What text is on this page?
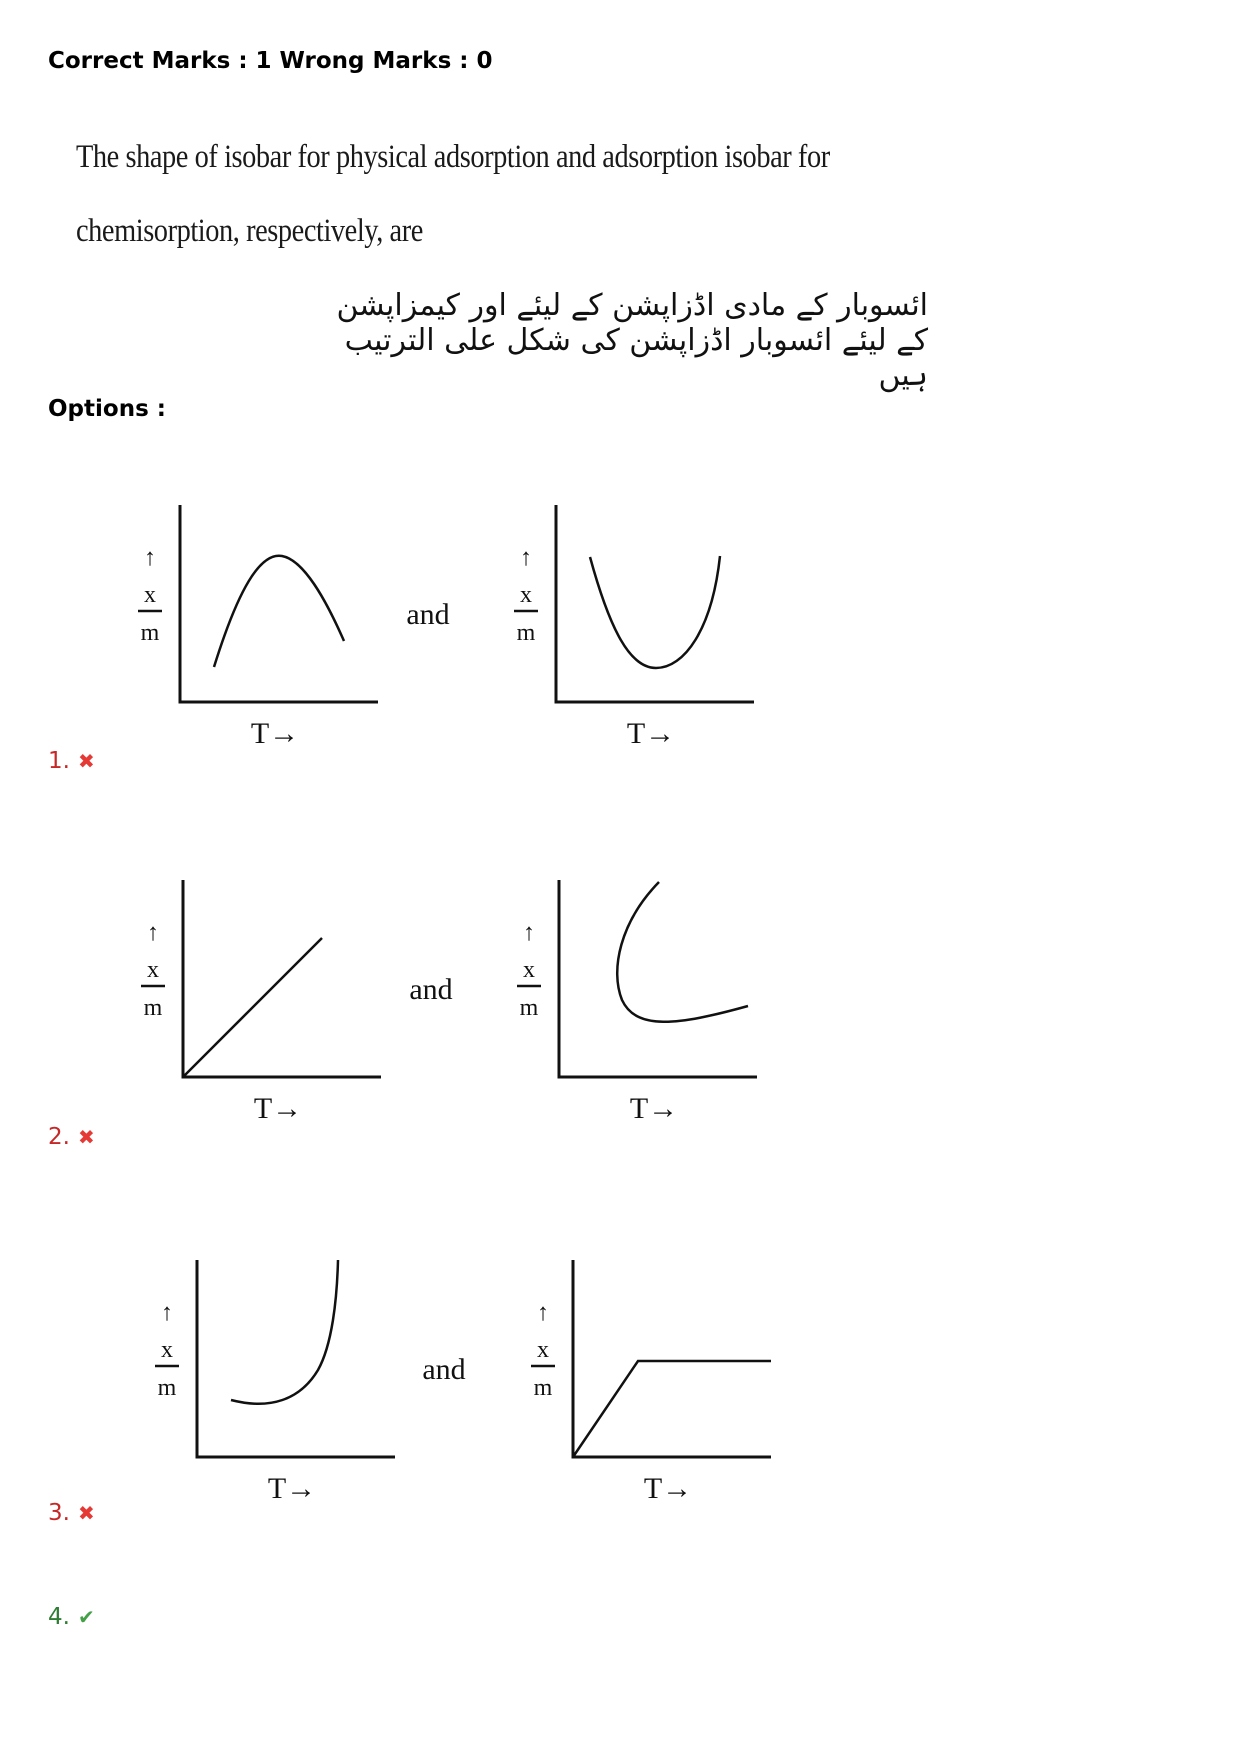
Correct Marks : 1 Wrong Marks : 0
The shape of isobar for physical adsorption and adsorption isobar for chemisorption, respectively, are
ائسوبار کے مادی اڈزاپشن کے لیئے اور کیمزاپشن کے لیئے ائسوبار اڈزاپشن کی شکل علی الترتیب ہیں
Options :
↑
x
m
T→
and
↑
x
m
T→
↑
x
m
T→
and
↑
x
m
T→
↑
x
m
T→
and
↑
x
m
T→
1. ✖
2. ✖
3. ✖
4. ✔
